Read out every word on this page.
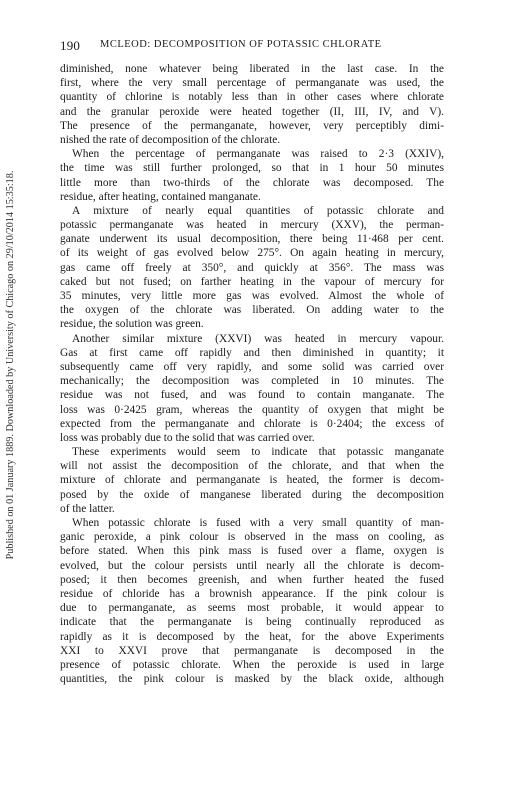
Published on 01 January 1889. Downloaded by University of Chicago on 29/10/2014 15:35:18.
190 MCLEOD: DECOMPOSITION OF POTASSIC CHLORATE
diminished, none whatever being liberated in the last case. In the
first, where the very small percentage of permanganate was used, the
quantity of chlorine is notably less than in other cases where chlorate
and the granular peroxide were heated together (II, III, IV, and V).
The presence of the permanganate, however, very perceptibly dimi-
nished the rate of decomposition of the chlorate.
When the percentage of permanganate was raised to 2·3 (XXIV),
the time was still further prolonged, so that in 1 hour 50 minutes
little more than two-thirds of the chlorate was decomposed. The
residue, after heating, contained manganate.
A mixture of nearly equal quantities of potassic chlorate and
potassic permanganate was heated in mercury (XXV), the perman-
ganate underwent its usual decomposition, there being 11·468 per cent.
of its weight of gas evolved below 275°. On again heating in mercury,
gas came off freely at 350°, and quickly at 356°. The mass was
caked but not fused; on farther heating in the vapour of mercury for
35 minutes, very little more gas was evolved. Almost the whole of
the oxygen of the chlorate was liberated. On adding water to the
residue, the solution was green.
Another similar mixture (XXVI) was heated in mercury vapour.
Gas at first came off rapidly and then diminished in quantity; it
subsequently came off very rapidly, and some solid was carried over
mechanically; the decomposition was completed in 10 minutes. The
residue was not fused, and was found to contain manganate. The
loss was 0·2425 gram, whereas the quantity of oxygen that might be
expected from the permanganate and chlorate is 0·2404; the excess of
loss was probably due to the solid that was carried over.
These experiments would seem to indicate that potassic manganate
will not assist the decomposition of the chlorate, and that when the
mixture of chlorate and permanganate is heated, the former is decom-
posed by the oxide of manganese liberated during the decomposition
of the latter.
When potassic chlorate is fused with a very small quantity of man-
ganic peroxide, a pink colour is observed in the mass on cooling, as
before stated. When this pink mass is fused over a flame, oxygen is
evolved, but the colour persists until nearly all the chlorate is decom-
posed; it then becomes greenish, and when further heated the fused
residue of chloride has a brownish appearance. If the pink colour is
due to permanganate, as seems most probable, it would appear to
indicate that the permanganate is being continually reproduced as
rapidly as it is decomposed by the heat, for the above Experiments
XXI to XXVI prove that permanganate is decomposed in the
presence of potassic chlorate. When the peroxide is used in large
quantities, the pink colour is masked by the black oxide, although
